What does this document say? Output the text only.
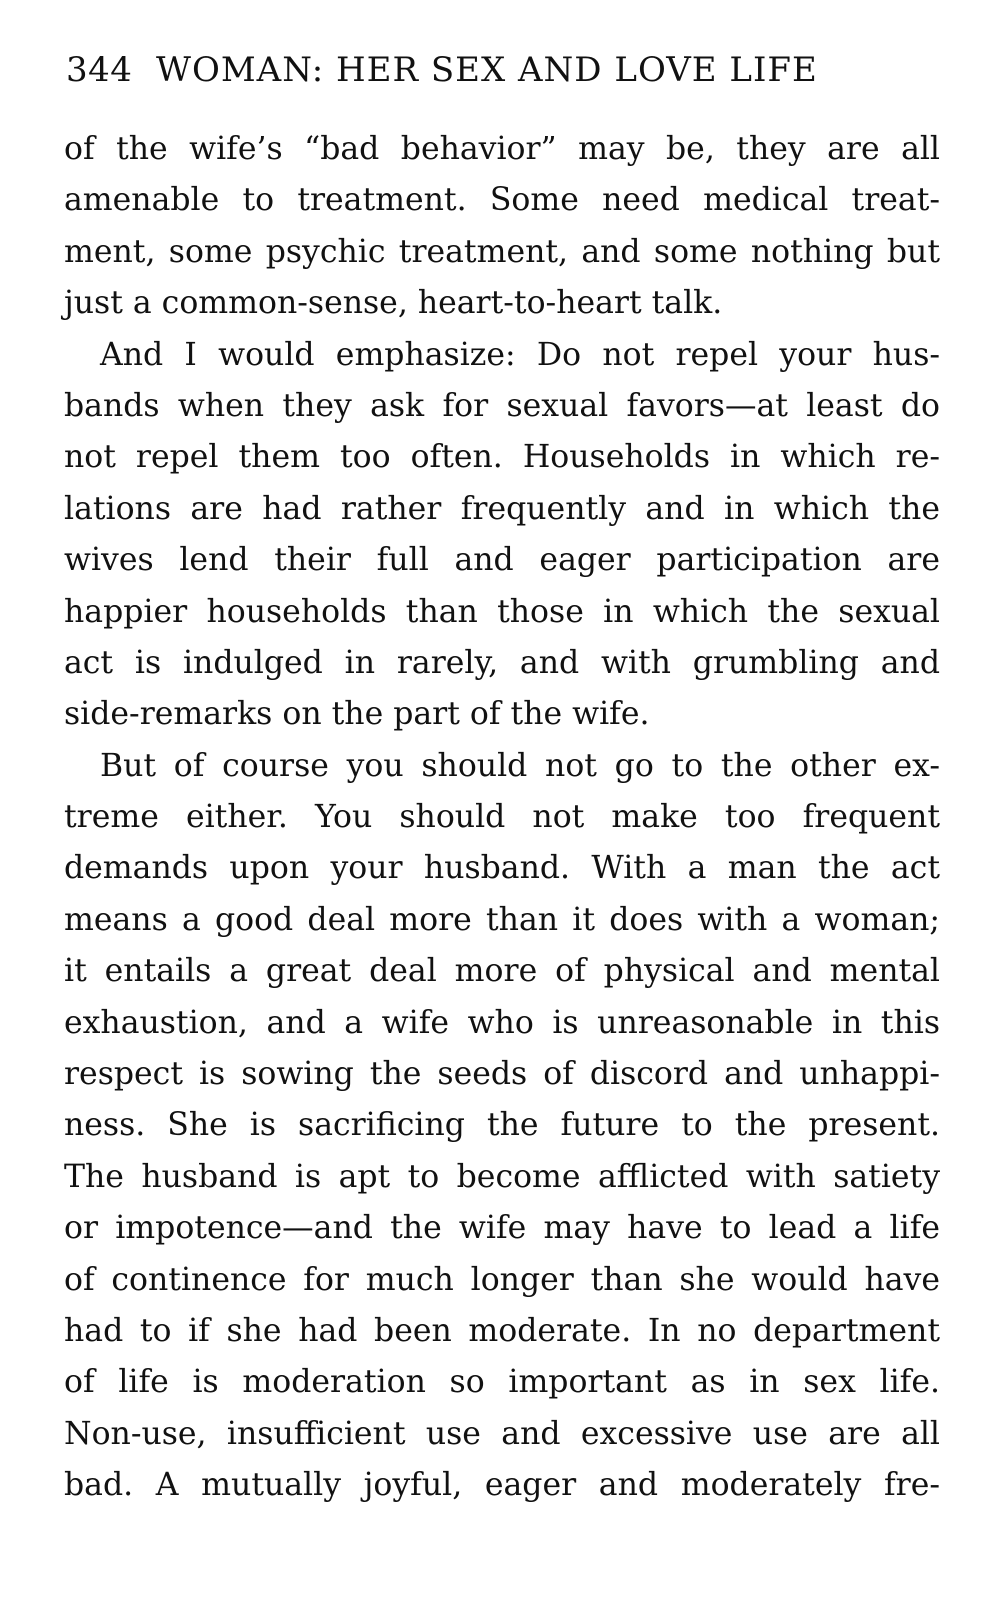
344 WOMAN: HER SEX AND LOVE LIFE
of the wife’s “bad behavior” may be, they are all
amenable to treatment. Some need medical treat-
ment, some psychic treatment, and some nothing but
just a common-sense, heart-to-heart talk.
And I would emphasize: Do not repel your hus-
bands when they ask for sexual favors—at least do
not repel them too often. Households in which re-
lations are had rather frequently and in which the
wives lend their full and eager participation are
happier households than those in which the sexual
act is indulged in rarely, and with grumbling and
side-remarks on the part of the wife.
But of course you should not go to the other ex-
treme either. You should not make too frequent
demands upon your husband. With a man the act
means a good deal more than it does with a woman;
it entails a great deal more of physical and mental
exhaustion, and a wife who is unreasonable in this
respect is sowing the seeds of discord and unhappi-
ness. She is sacrificing the future to the present.
The husband is apt to become afflicted with satiety
or impotence—and the wife may have to lead a life
of continence for much longer than she would have
had to if she had been moderate. In no department
of life is moderation so important as in sex life.
Non-use, insufficient use and excessive use are all
bad. A mutually joyful, eager and moderately fre-
